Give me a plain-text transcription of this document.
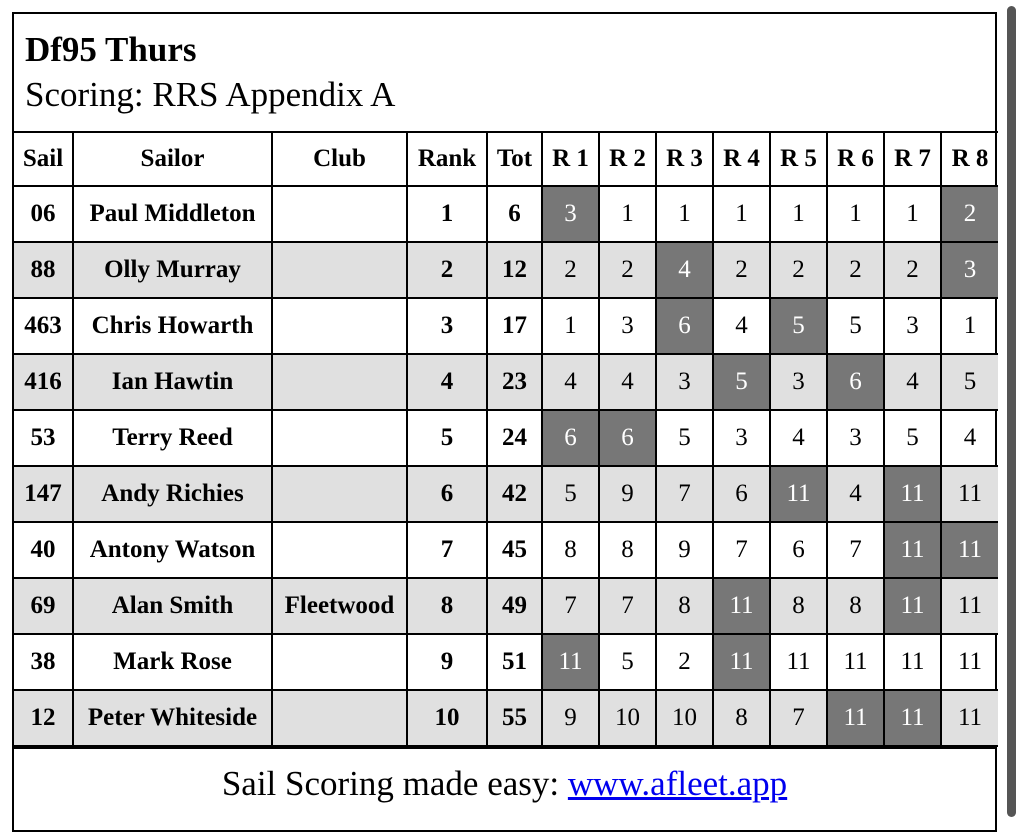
Df95 Thurs
Scoring: RRS Appendix A
Sail	Sailor	Club	Rank	Tot	R 1	R 2	R 3	R 4	R 5	R 6	R 7	R 8
06	Paul Middleton		1	6	3	1	1	1	1	1	1	2
88	Olly Murray		2	12	2	2	4	2	2	2	2	3
463	Chris Howarth		3	17	1	3	6	4	5	5	3	1
416	Ian Hawtin		4	23	4	4	3	5	3	6	4	5
53	Terry Reed		5	24	6	6	5	3	4	3	5	4
147	Andy Richies		6	42	5	9	7	6	11	4	11	11
40	Antony Watson		7	45	8	8	9	7	6	7	11	11
69	Alan Smith	Fleetwood	8	49	7	7	8	11	8	8	11	11
38	Mark Rose		9	51	11	5	2	11	11	11	11	11
12	Peter Whiteside		10	55	9	10	10	8	7	11	11	11
Sail Scoring made easy: www.afleet.app
